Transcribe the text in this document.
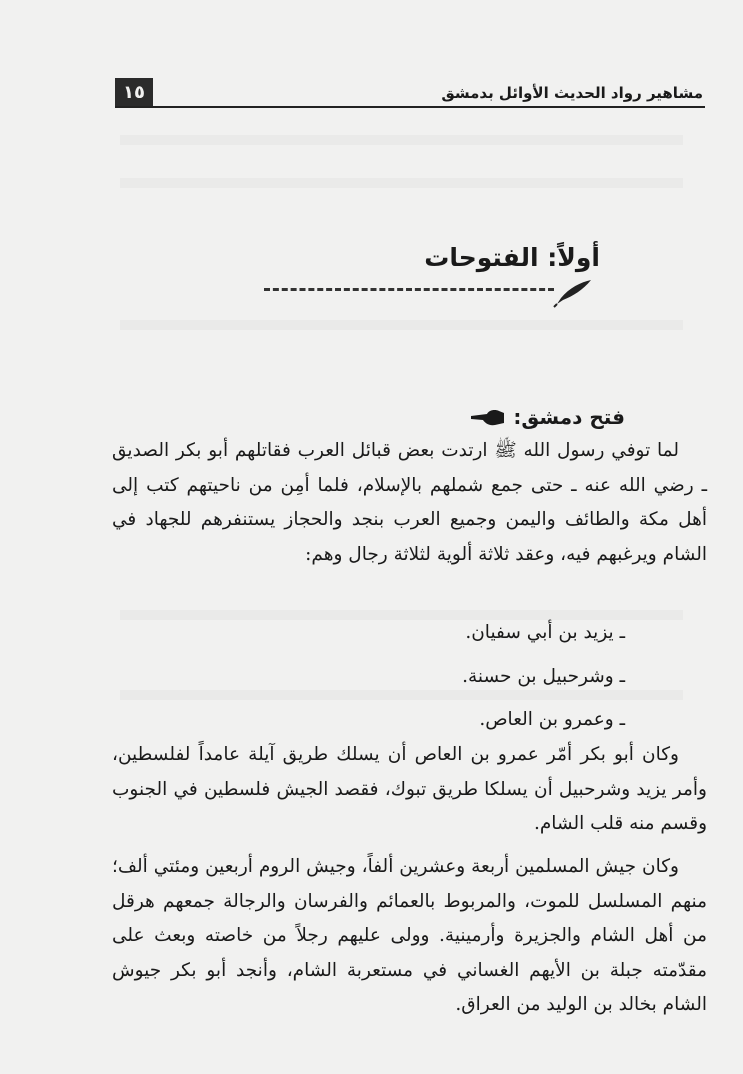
١٥	مشاهير رواد الحديث الأوائل بدمشق
أولاً: الفتوحات
فتح دمشق:

لما توفي رسول الله ﷺ ارتدت بعض قبائل العرب فقاتلهم أبو بكر الصديق ـ رضي الله عنه ـ حتى جمع شملهم بالإسلام، فلما أمِن من ناحيتهم كتب إلى أهل مكة والطائف واليمن وجميع العرب بنجد والحجاز يستنفرهم للجهاد في الشام ويرغبهم فيه، وعقد ثلاثة ألوية لثلاثة رجال وهم:

ـ يزيد بن أبي سفيان.
ـ وشرحبيل بن حسنة.
ـ وعمرو بن العاص.

وكان أبو بكر أمّر عمرو بن العاص أن يسلك طريق آيلة عامداً لفلسطين، وأمر يزيد وشرحبيل أن يسلكا طريق تبوك، فقصد الجيش فلسطين في الجنوب وقسم منه قلب الشام.

وكان جيش المسلمين أربعة وعشرين ألفاً، وجيش الروم أربعين ومئتي ألف؛ منهم المسلسل للموت، والمربوط بالعمائم والفرسان والرجالة جمعهم هرقل من أهل الشام والجزيرة وأرمينية. وولى عليهم رجلاً من خاصته وبعث على مقدّمته جبلة بن الأيهم الغساني في مستعربة الشام، وأنجد أبو بكر جيوش الشام بخالد بن الوليد من العراق.
